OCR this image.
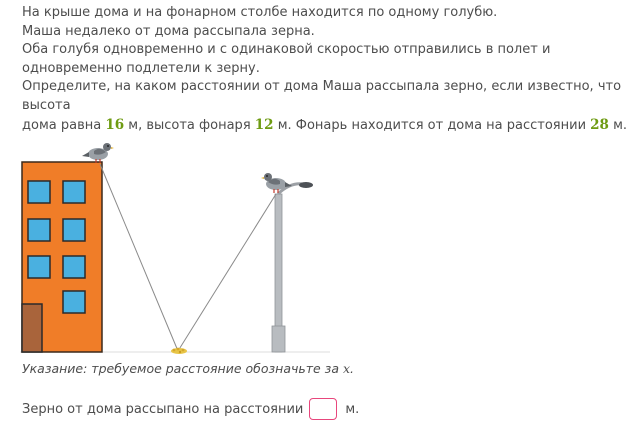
На крыше дома и на фонарном столбе находится по одному голубю.

Маша недалеко от дома рассыпала зерна.

Оба голубя одновременно и с одинаковой скоростью отправились в полет и

одновременно подлетели к зерну.

Определите, на каком расстоянии от дома Маша рассыпала зерно, если известно, что высота

дома равна 16 м, высота фонаря 12 м. Фонарь находится от дома на расстоянии 28 м.

Указание: требуемое расстояние обозначьте за x.
Зерно от дома рассыпано на расстоянии	м.
